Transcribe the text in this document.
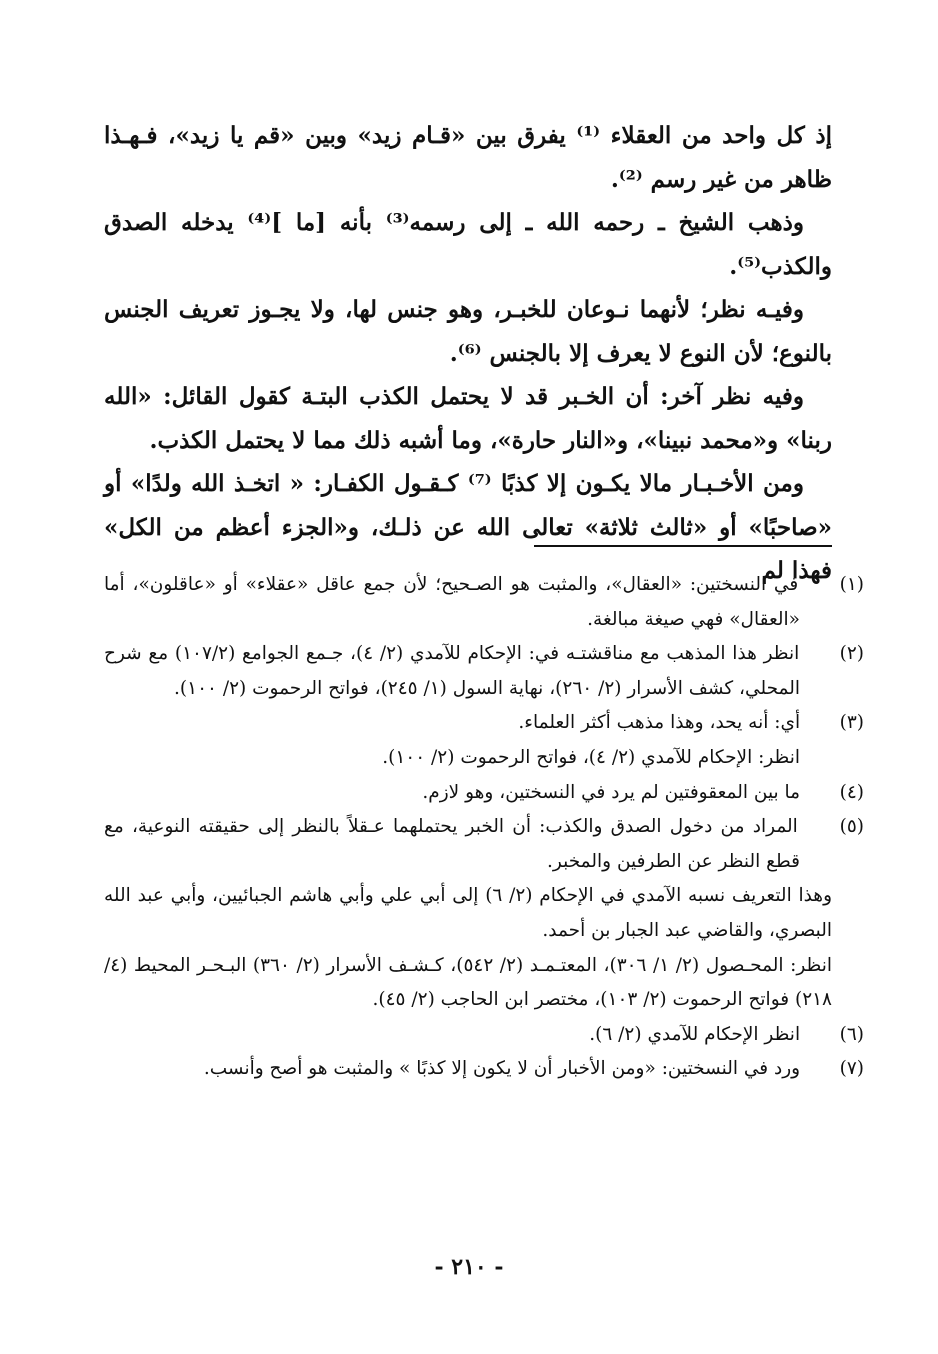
إذ كل واحد من العقلاء ⁽¹⁾ يفرق بين «قـام زيد» وبين «قم يا زيد»، فـهـذا ظاهر من غير رسم ⁽²⁾.

وذهب الشيخ ـ رحمه الله ـ إلى رسمه⁽³⁾ بأنه [ما ]⁽⁴⁾ يدخله الصدق والكذب⁽⁵⁾.

وفيـه نظر؛ لأنهما نـوعان للخبـر، وهو جنس لها، ولا يجـوز تعريف الجنس بالنوع؛ لأن النوع لا يعرف إلا بالجنس ⁽⁶⁾.

وفيه نظر آخر: أن الخـبر قد لا يحتمل الكذب البتـة كقول القائل: «الله ربنا» و«محمد نبينا»، و«النار حارة»، وما أشبه ذلك مما لا يحتمل الكذب.

ومن الأخـبـار مالا يكـون إلا كذبًا ⁽⁷⁾ كـقـول الكفـار: « اتخـذ الله ولدًا» أو «صاحبًا» أو «ثالث ثلاثة» تعالى الله عن ذلـك، و«الجزء أعظم من الكل» فهذا لم

(١) في النسختين: «العقال»، والمثبت هو الصـحيح؛ لأن جمع عاقل «عقلاء» أو «عاقلون»، أما «العقال» فهي صيغة مبالغة.

(٢) انظر هذا المذهب مع مناقشتـه في: الإحكام للآمدي (٢/ ٤)، جـمع الجوامع (١٠٧/٢) مع شرح المحلي، كشف الأسرار (٢/ ٢٦٠)، نهاية السول (١/ ٢٤٥)، فواتح الرحموت (٢/ ١٠٠).

(٣) أي: أنه يحد، وهذا مذهب أكثر العلماء.

انظر: الإحكام للآمدي (٢/ ٤)، فواتح الرحموت (٢/ ١٠٠).

(٤) ما بين المعقوفتين لم يرد في النسختين، وهو لازم.

(٥) المراد من دخول الصدق والكذب: أن الخبر يحتملهما عـقلاً بالنظر إلى حقيقته النوعية، مع قطع النظر عن الطرفين والمخبر.

وهذا التعريف نسبه الآمدي في الإحكام (٢/ ٦) إلى أبي علي وأبي هاشم الجبائيين، وأبي عبد الله البصري، والقاضي عبد الجبار بن أحمد.

انظر: المحـصول (٢/ ١/ ٣٠٦)، المعتـمـد (٢/ ٥٤٢)، كـشـف الأسرار (٢/ ٣٦٠) البـحـر المحيط (٤/ ٢١٨) فواتح الرحموت (٢/ ١٠٣)، مختصر ابن الحاجب (٢/ ٤٥).

(٦) انظر الإحكام للآمدي (٢/ ٦).

(٧) ورد في النسختين: «ومن الأخبار أن لا يكون إلا كذبًا » والمثبت هو أصح وأنسب.

- ٢١٠ -
